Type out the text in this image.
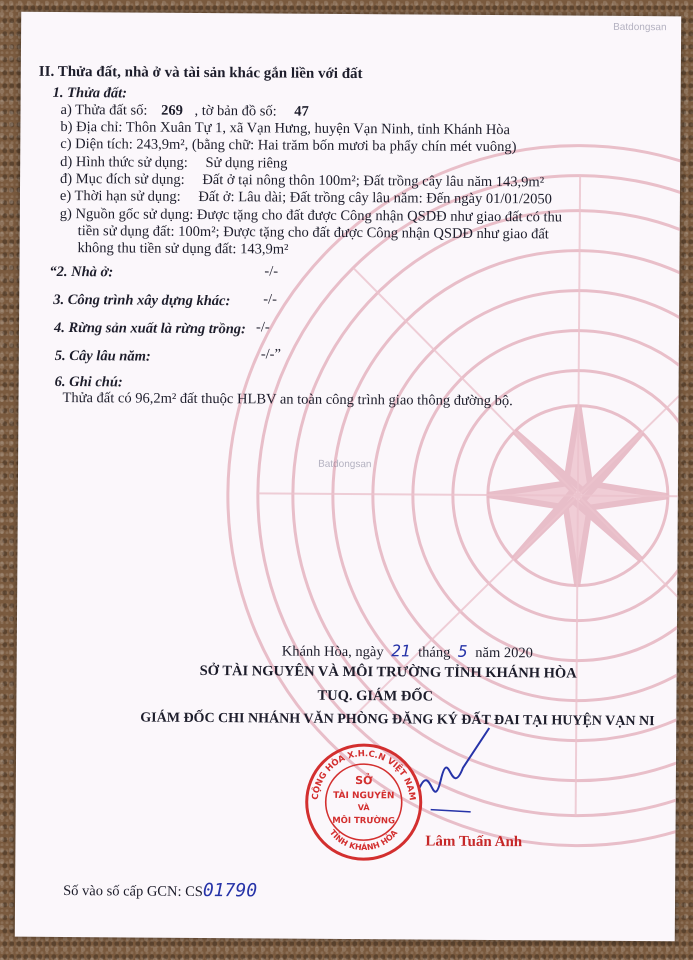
Batdongsan
Batdongsan
II. Thửa đất, nhà ở và tài sản khác gắn liền với đất
1. Thửa đất:
a) Thửa đất số: 269 , tờ bản đồ số: 47
b) Địa chỉ: Thôn Xuân Tự 1, xã Vạn Hưng, huyện Vạn Ninh, tỉnh Khánh Hòa
c) Diện tích: 243,9m², (bằng chữ: Hai trăm bốn mươi ba phẩy chín mét vuông)
d) Hình thức sử dụng: Sử dụng riêng
đ) Mục đích sử dụng: Đất ở tại nông thôn 100m²; Đất trồng cây lâu năm 143,9m²
e) Thời hạn sử dụng: Đất ở: Lâu dài; Đất trồng cây lâu năm: Đến ngày 01/01/2050
g) Nguồn gốc sử dụng: Được tặng cho đất được Công nhận QSDĐ như giao đất có thu
tiền sử dụng đất: 100m²; Được tặng cho đất được Công nhận QSDĐ như giao đất
không thu tiền sử dụng đất: 143,9m²
“2. Nhà ở:	-/-
3. Công trình xây dựng khác: -/-
4. Rừng sản xuất là rừng trồng: -/-
5. Cây lâu năm:	-/-”
6. Ghi chú:
Thửa đất có 96,2m² đất thuộc HLBV an toàn công trình giao thông đường bộ.
Khánh Hòa, ngày 21 tháng 5 năm 2020
SỞ TÀI NGUYÊN VÀ MÔI TRƯỜNG TỈNH KHÁNH HÒA
TUQ. GIÁM ĐỐC
GIÁM ĐỐC CHI NHÁNH VĂN PHÒNG ĐĂNG KÝ ĐẤT ĐAI TẠI HUYỆN VẠN NI
CỘNG HÒA X.H.C.N VIỆT NAM
TỈNH KHÁNH HÒA
SỞ
TÀI NGUYÊN
VÀ
MÔI TRƯỜNG
Lâm Tuấn Anh
Số vào số cấp GCN: CS01790
